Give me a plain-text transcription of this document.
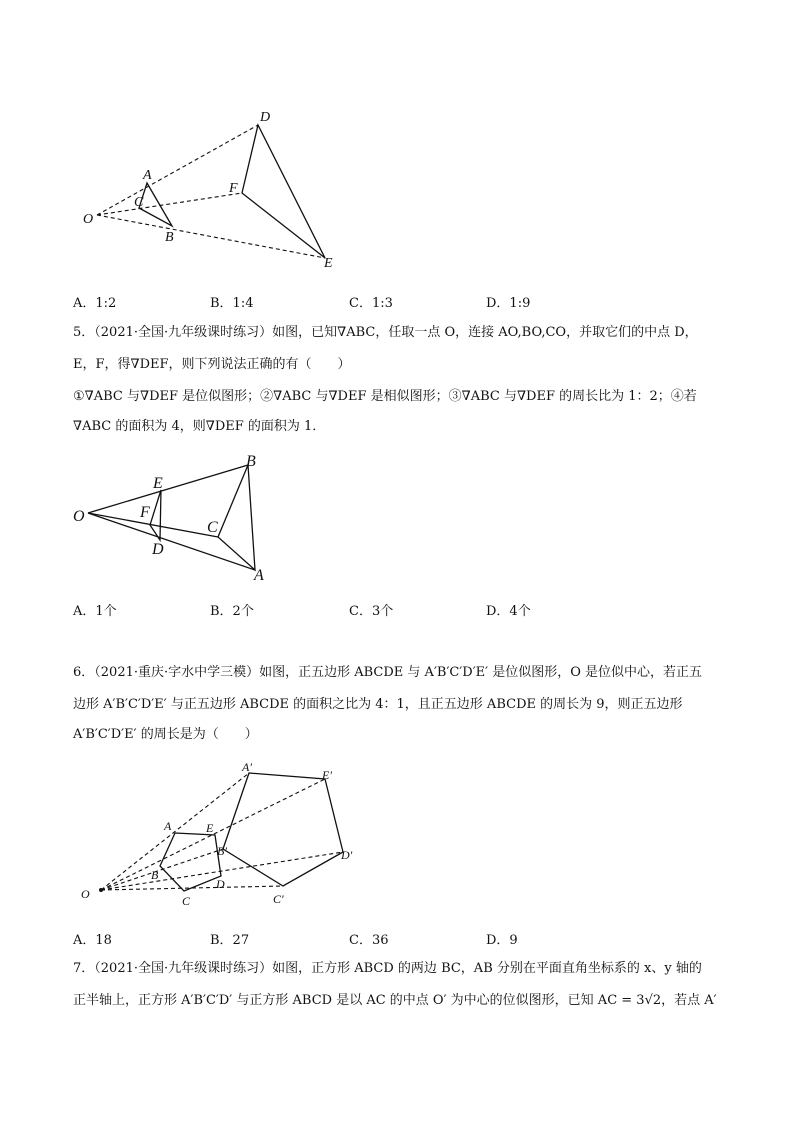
O
A
B
C
D
E
F
A．1:2	B．1:4	C．1:3	D．1:9
5．（2021·全国·九年级课时练习）如图，已知∇ABC，任取一点 O，连接 AO,BO,CO，并取它们的中点 D，
E，F，得∇DEF，则下列说法正确的有（　　）
①∇ABC 与∇DEF 是位似图形；②∇ABC 与∇DEF 是相似图形；③∇ABC 与∇DEF 的周长比为 1：2；④若
∇ABC 的面积为 4，则∇DEF 的面积为 1．
O
B
A
C
E
F
D
A．1个	B．2个	C．3个	D．4个
6．（2021·重庆·字水中学三模）如图，正五边形 ABCDE 与 A′B′C′D′E′ 是位似图形，O 是位似中心，若正五
边形 A′B′C′D′E′ 与正五边形 ABCDE 的面积之比为 4：1，且正五边形 ABCDE 的周长为 9，则正五边形
A′B′C′D′E′ 的周长是为（　　）
O
A
B
C
D
E
A′
B′
C′
D′
E′
A．18	B．27	C．36	D．9
7．（2021·全国·九年级课时练习）如图，正方形 ABCD 的两边 BC，AB 分别在平面直角坐标系的 x、y 轴的
正半轴上，正方形 A′B′C′D′ 与正方形 ABCD 是以 AC 的中点 O′ 为中心的位似图形，已知 AC = 3√2，若点 A′
